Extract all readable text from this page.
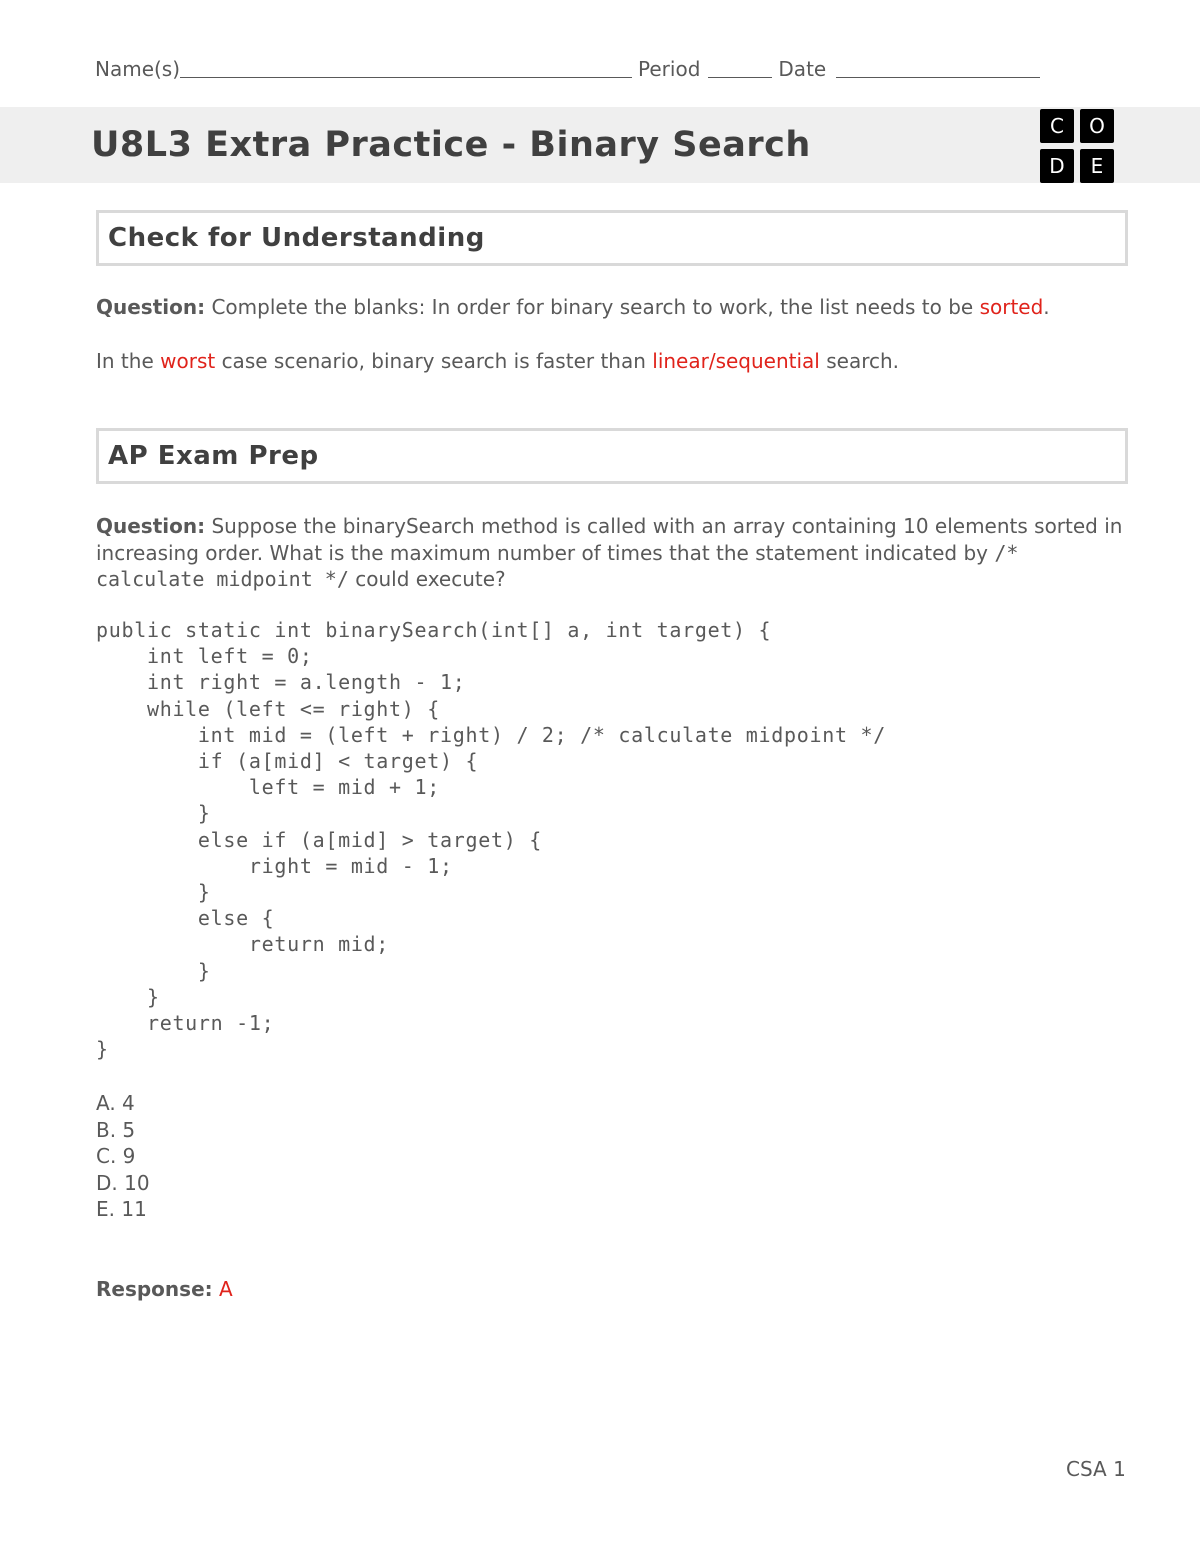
Name(s)	Period	Date
U8L3 Extra Practice - Binary Search	C	O
D	E
Check for Understanding

Question: Complete the blanks: In order for binary search to work, the list needs to be sorted.

In the worst case scenario, binary search is faster than linear/sequential search.

AP Exam Prep

Question: Suppose the binarySearch method is called with an array containing 10 elements sorted in increasing order. What is the maximum number of times that the statement indicated by /* calculate midpoint */ could execute?

public static int binarySearch(int[] a, int target) {
int left = 0;
int right = a.length - 1;
while (left <= right) {
int mid = (left + right) / 2; /* calculate midpoint */
if (a[mid] < target) {
left = mid + 1;
}
else if (a[mid] > target) {
right = mid - 1;
}
else {
return mid;
}
}
return -1;
}
A. 4
B. 5
C. 9
D. 10
E. 11
Response: A
CSA 1
